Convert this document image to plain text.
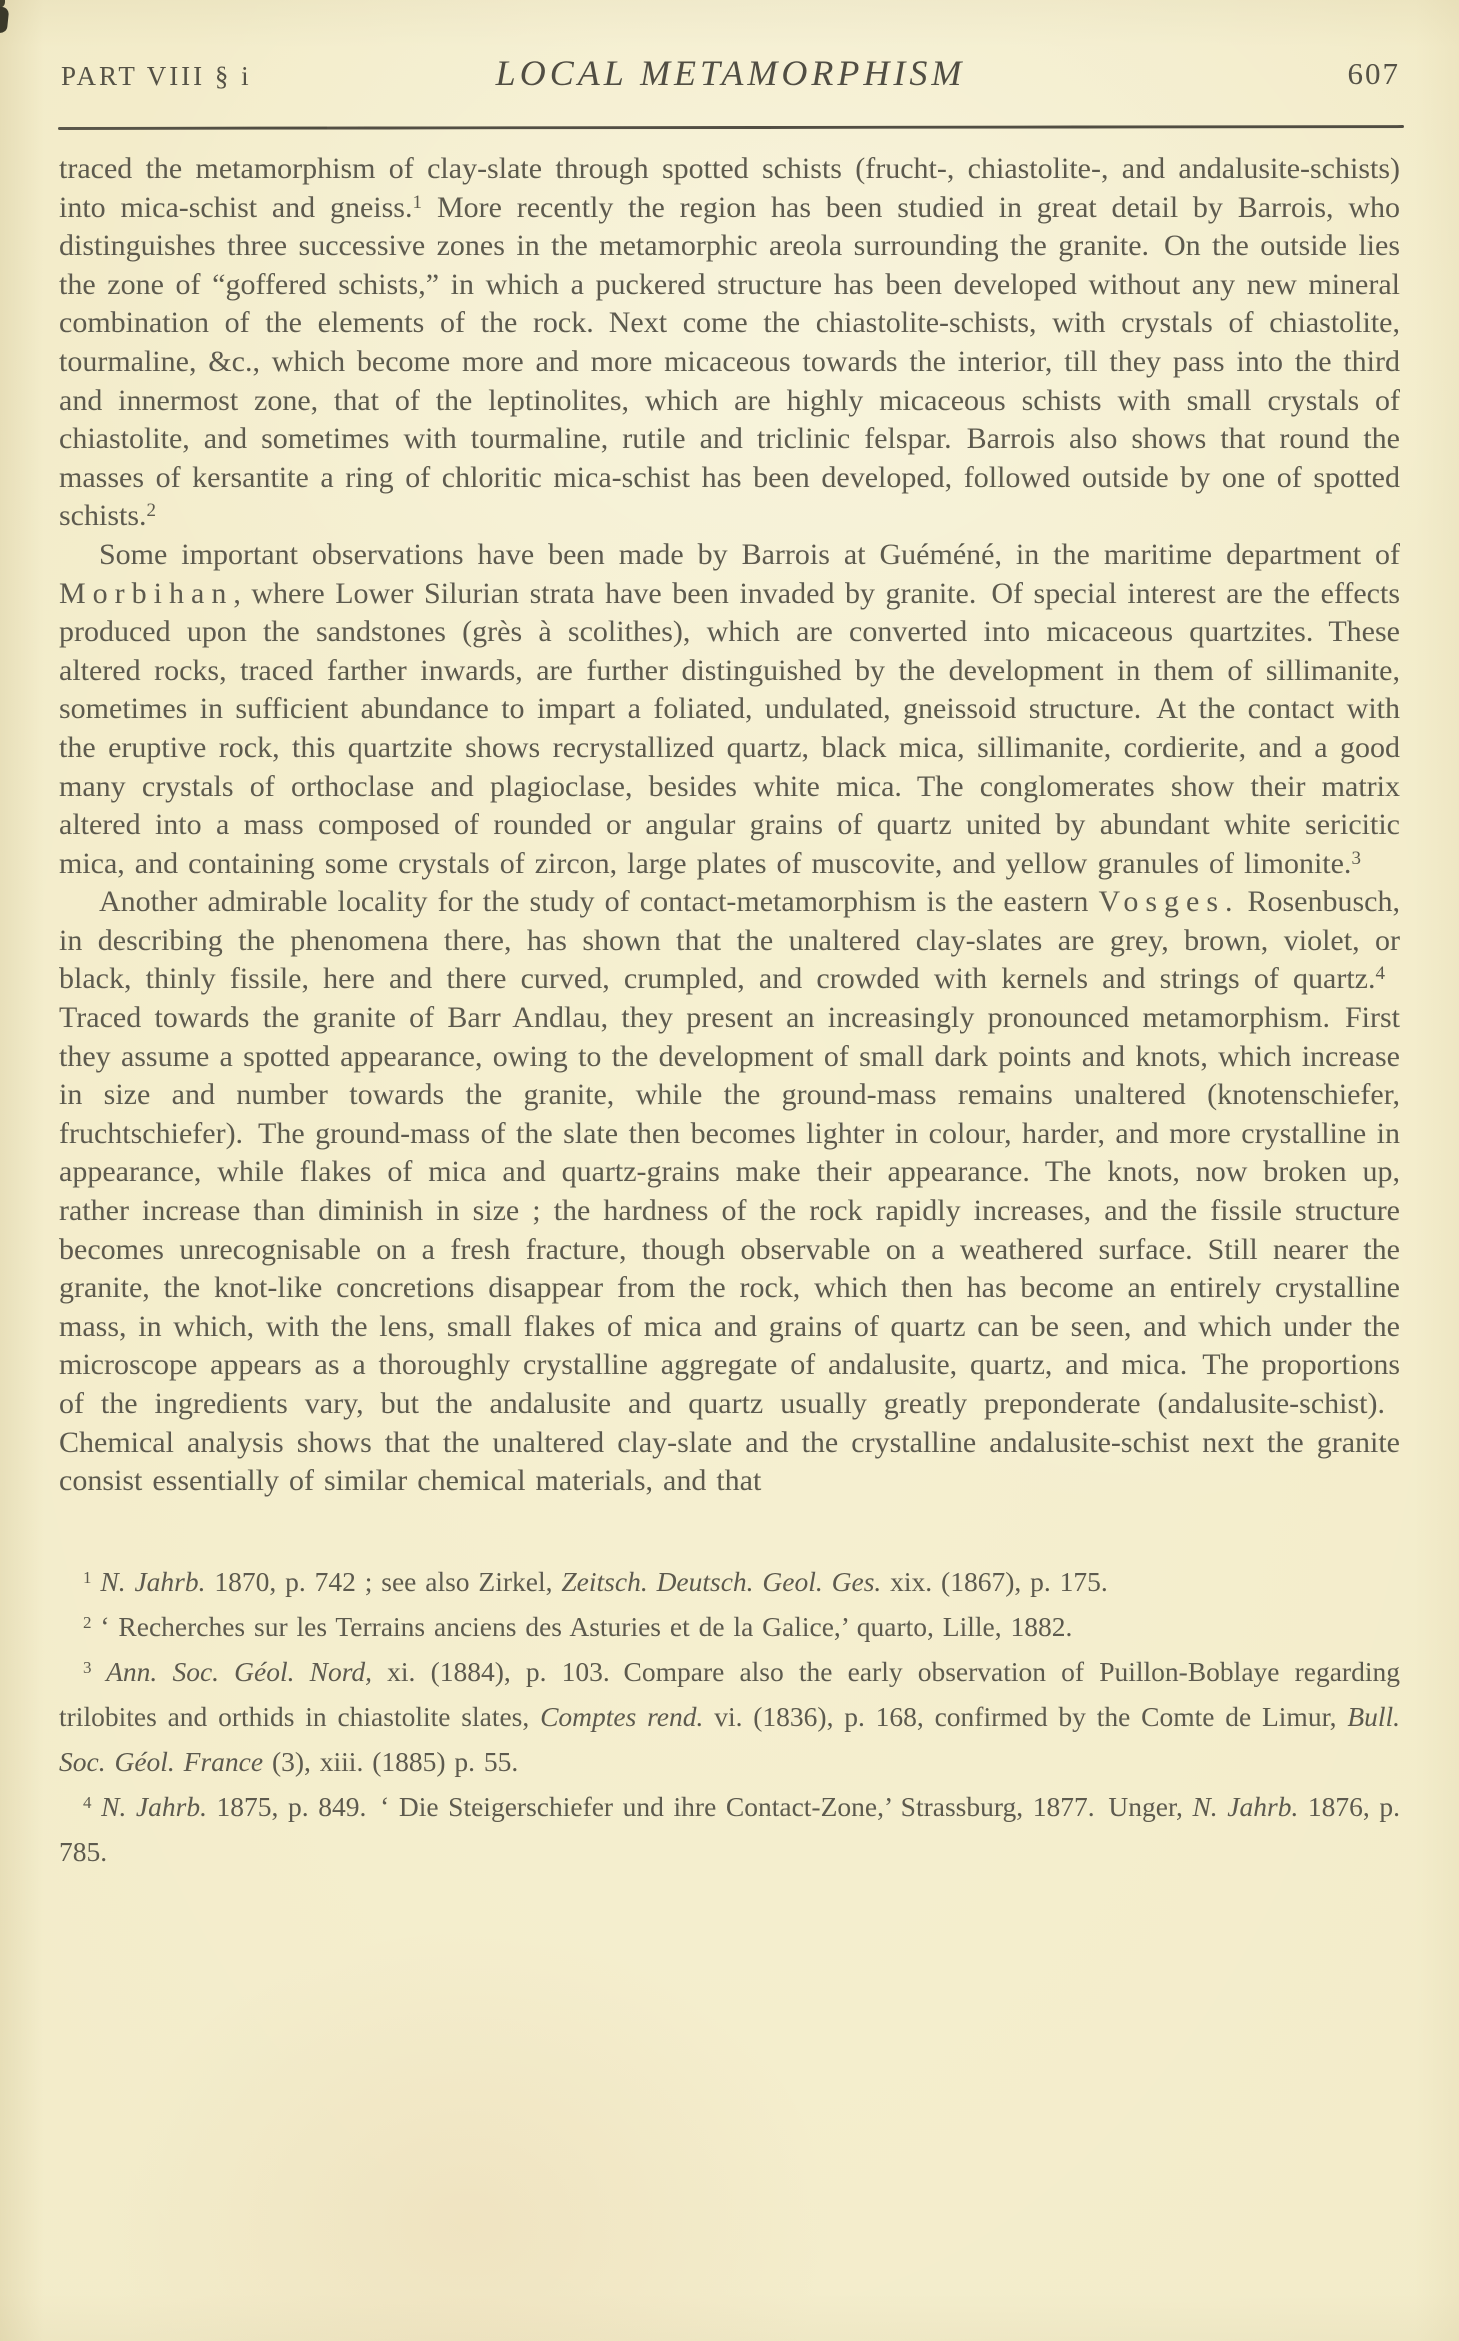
PART VIII § i	LOCAL METAMORPHISM	607

traced the metamorphism of clay-slate through spotted schists (frucht-, chiastolite-, and andalusite-schists) into mica-schist and gneiss.$^1$ More recently the region has been studied in great detail by Barrois, who distinguishes three successive zones in the metamorphic areola surrounding the granite. On the outside lies the zone of “goffered schists,” in which a puckered structure has been developed without any new mineral combination of the elements of the rock. Next come the chiastolite-schists, with crystals of chiastolite, tourmaline, &c., which become more and more micaceous towards the interior, till they pass into the third and innermost zone, that of the leptinolites, which are highly micaceous schists with small crystals of chiastolite, and sometimes with tourmaline, rutile and triclinic felspar. Barrois also shows that round the masses of kersantite a ring of chloritic mica-schist has been developed, followed outside by one of spotted schists.$^2$

Some important observations have been made by Barrois at Guéméné, in the maritime department of Morbihan, where Lower Silurian strata have been invaded by granite. Of special interest are the effects produced upon the sandstones (grès à scolithes), which are converted into micaceous quartzites. These altered rocks, traced farther inwards, are further distinguished by the development in them of sillimanite, sometimes in sufficient abundance to impart a foliated, undulated, gneissoid structure. At the contact with the eruptive rock, this quartzite shows recrystallized quartz, black mica, sillimanite, cordierite, and a good many crystals of orthoclase and plagioclase, besides white mica. The conglomerates show their matrix altered into a mass composed of rounded or angular grains of quartz united by abundant white sericitic mica, and containing some crystals of zircon, large plates of muscovite, and yellow granules of limonite.$^3$

Another admirable locality for the study of contact-metamorphism is the eastern Vosges. Rosenbusch, in describing the phenomena there, has shown that the unaltered clay-slates are grey, brown, violet, or black, thinly fissile, here and there curved, crumpled, and crowded with kernels and strings of quartz.$^4$ Traced towards the granite of Barr Andlau, they present an increasingly pronounced metamorphism. First they assume a spotted appearance, owing to the development of small dark points and knots, which increase in size and number towards the granite, while the ground-mass remains unaltered (knotenschiefer, fruchtschiefer). The ground-mass of the slate then becomes lighter in colour, harder, and more crystalline in appearance, while flakes of mica and quartz-grains make their appearance. The knots, now broken up, rather increase than diminish in size ; the hardness of the rock rapidly increases, and the fissile structure becomes unrecognisable on a fresh fracture, though observable on a weathered surface. Still nearer the granite, the knot-like concretions disappear from the rock, which then has become an entirely crystalline mass, in which, with the lens, small flakes of mica and grains of quartz can be seen, and which under the microscope appears as a thoroughly crystalline aggregate of andalusite, quartz, and mica. The proportions of the ingredients vary, but the andalusite and quartz usually greatly preponderate (andalusite-schist). Chemical analysis shows that the unaltered clay-slate and the crystalline andalusite-schist next the granite consist essentially of similar chemical materials, and that

$^1$ N. Jahrb. 1870, p. 742 ; see also Zirkel, Zeitsch. Deutsch. Geol. Ges. xix. (1867), p. 175.

$^2$ ‘ Recherches sur les Terrains anciens des Asturies et de la Galice,’ quarto, Lille, 1882.

$^3$ Ann. Soc. Géol. Nord, xi. (1884), p. 103. Compare also the early observation of Puillon-Boblaye regarding trilobites and orthids in chiastolite slates, Comptes rend. vi. (1836), p. 168, confirmed by the Comte de Limur, Bull. Soc. Géol. France (3), xiii. (1885) p. 55.

$^4$ N. Jahrb. 1875, p. 849. ‘ Die Steigerschiefer und ihre Contact-Zone,’ Strassburg, 1877. Unger, N. Jahrb. 1876, p. 785.
